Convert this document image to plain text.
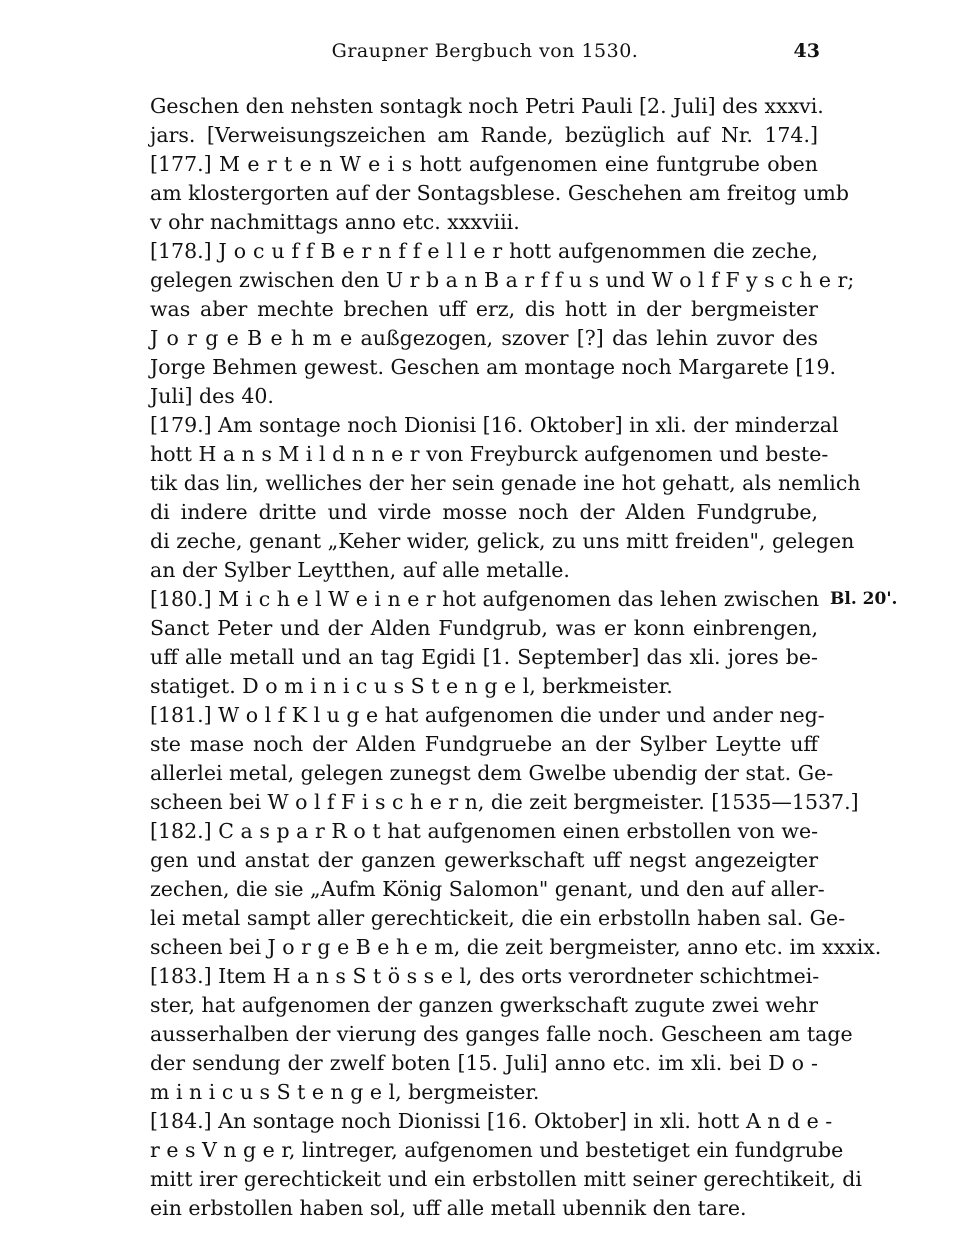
Graupner Bergbuch von 1530.	43
Geschen den nehsten sontagk noch Petri Pauli [2. Juli] des xxxvi.
jars. [Verweisungszeichen am Rande, bezüglich auf Nr. 174.]
[177.] M e r t e n W e i s hott aufgenomen eine funtgrube oben
am klostergorten auf der Sontagsblese. Geschehen am freitog umb
v ohr nachmittags anno etc. xxxviii.
[178.] J o c u f f B e r n f f e l l e r hott aufgenommen die zeche,
gelegen zwischen den U r b a n B a r f f u s und W o l f F y s c h e r;
was aber mechte brechen uff erz, dis hott in der bergmeister
J o r g e B e h m e außgezogen, szover [?] das lehin zuvor des
Jorge Behmen gewest. Geschen am montage noch Margarete [19.
Juli] des 40.
[179.] Am sontage noch Dionisi [16. Oktober] in xli. der minderzal
hott H a n s M i l d n n e r von Freyburck aufgenomen und beste-
tik das lin, welliches der her sein genade ine hot gehatt, als nemlich
di indere dritte und virde mosse noch der Alden Fundgrube,
di zeche, genant „Keher wider, gelick, zu uns mitt freiden", gelegen
an der Sylber Leytthen, auf alle metalle.
[180.] M i c h e l W e i n e r hot aufgenomen das lehen zwischen
Sanct Peter und der Alden Fundgrub, was er konn einbrengen,
uff alle metall und an tag Egidi [1. September] das xli. jores be-
statiget. D o m i n i c u s S t e n g e l, berkmeister.
[181.] W o l f K l u g e hat aufgenomen die under und ander neg-
ste mase noch der Alden Fundgruebe an der Sylber Leytte uff
allerlei metal, gelegen zunegst dem Gwelbe ubendig der stat. Ge-
scheen bei W o l f F i s c h e r n, die zeit bergmeister. [1535—1537.]
[182.] C a s p a r R o t hat aufgenomen einen erbstollen von we-
gen und anstat der ganzen gewerkschaft uff negst angezeigter
zechen, die sie „Aufm König Salomon" genant, und den auf aller-
lei metal sampt aller gerechtickeit, die ein erbstolln haben sal. Ge-
scheen bei J o r g e B e h e m, die zeit bergmeister, anno etc. im xxxix.
[183.] Item H a n s S t ö s s e l, des orts verordneter schichtmei-
ster, hat aufgenomen der ganzen gwerkschaft zugute zwei wehr
ausserhalben der vierung des ganges falle noch. Gescheen am tage
der sendung der zwelf boten [15. Juli] anno etc. im xli. bei D o -
m i n i c u s S t e n g e l, bergmeister.
[184.] An sontage noch Dionissi [16. Oktober] in xli. hott A n d e -
r e s V n g e r, lintreger, aufgenomen und bestetiget ein fundgrube
mitt irer gerechtickeit und ein erbstollen mitt seiner gerechtikeit, di
ein erbstollen haben sol, uff alle metall ubennik den tare.
Bl. 20'.
